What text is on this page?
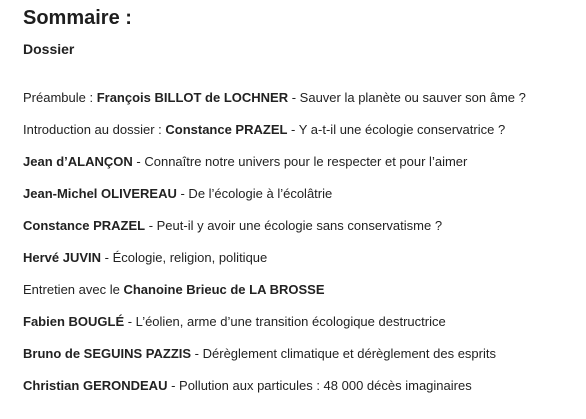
Sommaire :
Dossier
Préambule : François BILLOT de LOCHNER - Sauver la planète ou sauver son âme ?
Introduction au dossier : Constance PRAZEL - Y a-t-il une écologie conservatrice ?
Jean d’ALANÇON - Connaître notre univers pour le respecter et pour l’aimer
Jean-Michel OLIVEREAU - De l’écologie à l’écolâtrie
Constance PRAZEL - Peut-il y avoir une écologie sans conservatisme ?
Hervé JUVIN - Écologie, religion, politique
Entretien avec le Chanoine Brieuc de LA BROSSE
Fabien BOUGLÉ - L’éolien, arme d’une transition écologique destructrice
Bruno de SEGUINS PAZZIS - Dérèglement climatique et dérèglement des esprits
Christian GERONDEAU - Pollution aux particules : 48 000 décès imaginaires
